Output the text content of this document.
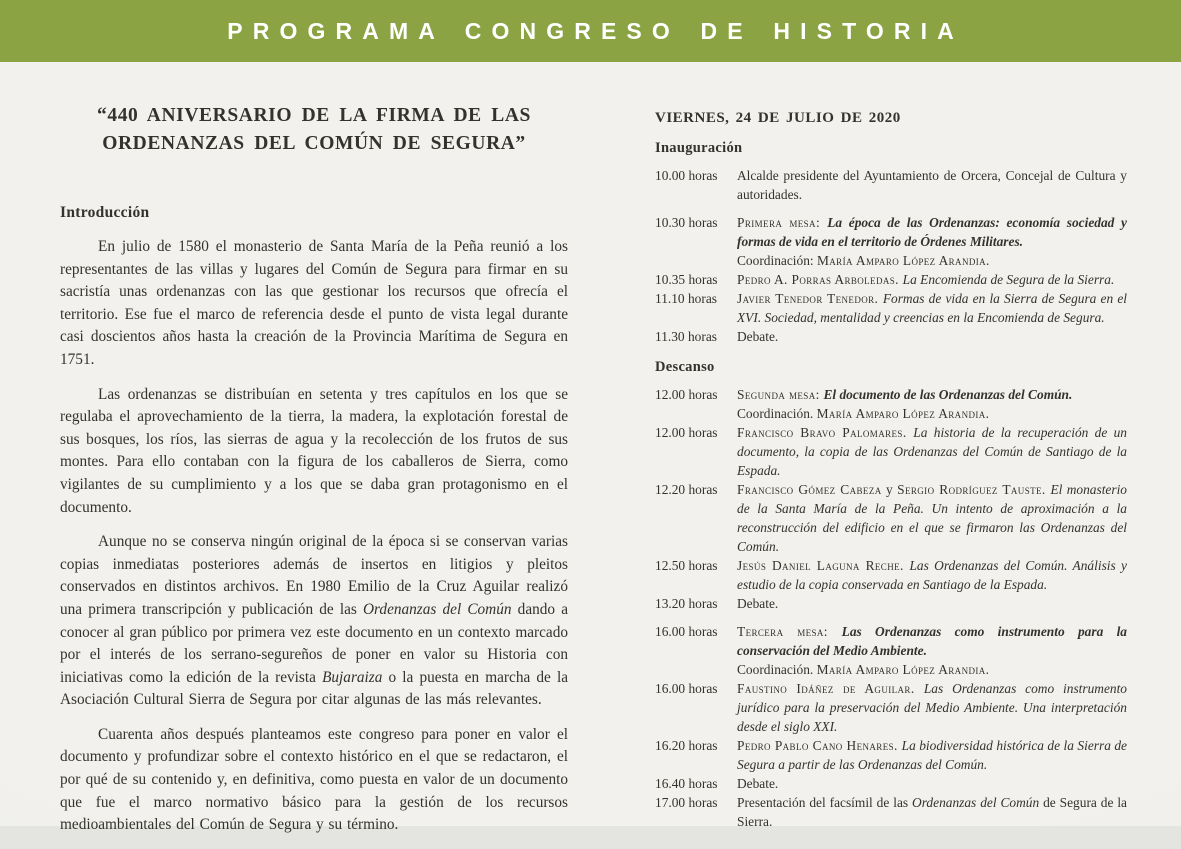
PROGRAMA CONGRESO DE HISTORIA
“440 ANIVERSARIO DE LA FIRMA DE LAS
ORDENANZAS DEL COMÚN DE SEGURA”
Introducción

En julio de 1580 el monasterio de Santa María de la Peña reunió a los representantes de las villas y lugares del Común de Segura para firmar en su sacristía unas ordenanzas con las que gestionar los recursos que ofrecía el territorio. Ese fue el marco de referencia desde el punto de vista legal durante casi doscientos años hasta la creación de la Provincia Marítima de Segura en 1751.

Las ordenanzas se distribuían en setenta y tres capítulos en los que se regulaba el aprovechamiento de la tierra, la madera, la explotación forestal de sus bosques, los ríos, las sierras de agua y la recolección de los frutos de sus montes. Para ello contaban con la figura de los caballeros de Sierra, como vigilantes de su cumplimiento y a los que se daba gran protagonismo en el documento.

Aunque no se conserva ningún original de la época si se conservan varias copias inmediatas posteriores además de insertos en litigios y pleitos conservados en distintos archivos. En 1980 Emilio de la Cruz Aguilar realizó una primera transcripción y publicación de las Ordenanzas del Común dando a conocer al gran público por primera vez este documento en un contexto marcado por el interés de los serrano-segureños de poner en valor su Historia con iniciativas como la edición de la revista Bujaraiza o la puesta en marcha de la Asociación Cultural Sierra de Segura por citar algunas de las más relevantes.

Cuarenta años después planteamos este congreso para poner en valor el documento y profundizar sobre el contexto histórico en el que se redactaron, el por qué de su contenido y, en definitiva, como puesta en valor de un documento que fue el marco normativo básico para la gestión de los recursos medioambientales del Común de Segura y su término.

VIERNES, 24 DE JULIO DE 2020
Inauguración
10.00 horas	Alcalde presidente del Ayuntamiento de Orcera, Concejal de Cultura y autoridades.
10.30 horas	Primera mesa: La época de las Ordenanzas: economía sociedad y formas de vida en el territorio de Órdenes Militares.
Coordinación: María Amparo López Arandia.
10.35 horas	Pedro A. Porras Arboledas. La Encomienda de Segura de la Sierra.
11.10 horas	Javier Tenedor Tenedor. Formas de vida en la Sierra de Segura en el XVI. Sociedad, mentalidad y creencias en la Encomienda de Segura.
11.30 horas	Debate.
Descanso
12.00 horas	Segunda mesa: El documento de las Ordenanzas del Común.
Coordinación. María Amparo López Arandia.
12.00 horas	Francisco Bravo Palomares. La historia de la recuperación de un documento, la copia de las Ordenanzas del Común de Santiago de la Espada.
12.20 horas	Francisco Gómez Cabeza y Sergio Rodríguez Tauste. El monasterio de la Santa María de la Peña. Un intento de aproximación a la reconstrucción del edificio en el que se firmaron las Ordenanzas del Común.
12.50 horas	Jesús Daniel Laguna Reche. Las Ordenanzas del Común. Análisis y estudio de la copia conservada en Santiago de la Espada.
13.20 horas	Debate.
16.00 horas	Tercera mesa: Las Ordenanzas como instrumento para la conservación del Medio Ambiente.
Coordinación. María Amparo López Arandia.
16.00 horas	Faustino Idáñez de Aguilar. Las Ordenanzas como instrumento jurídico para la preservación del Medio Ambiente. Una interpretación desde el siglo XXI.
16.20 horas	Pedro Pablo Cano Henares. La biodiversidad histórica de la Sierra de Segura a partir de las Ordenanzas del Común.
16.40 horas	Debate.
17.00 horas	Presentación del facsímil de las Ordenanzas del Común de Segura de la Sierra.
